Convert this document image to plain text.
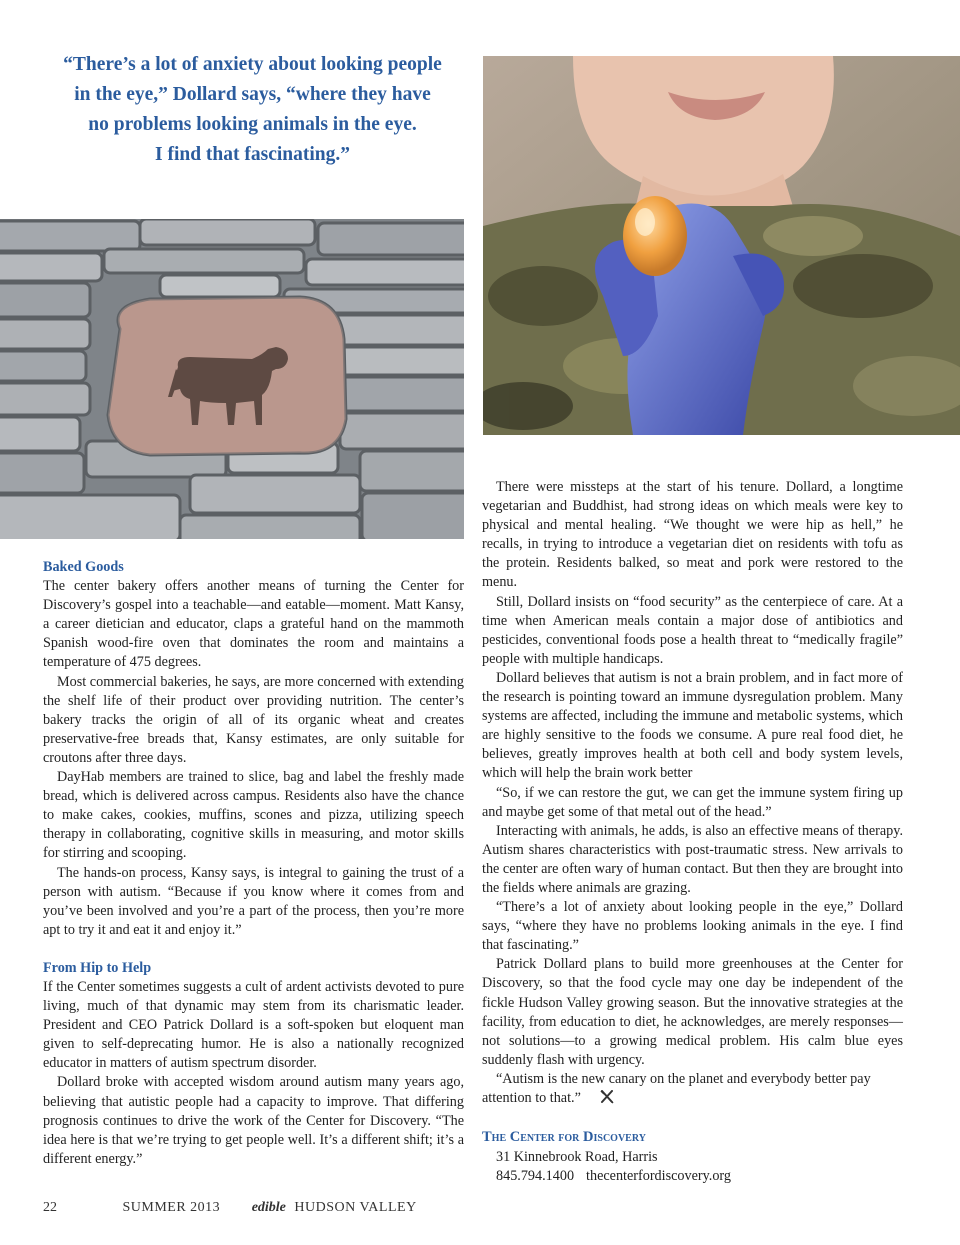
“There’s a lot of anxiety about looking people
in the eye,” Dollard says, “where they have
no problems looking animals in the eye.
I find that fascinating.”
Baked Goods

The center bakery offers another means of turning the Center for Discovery’s gospel into a teachable—and eatable—moment. Matt Kansy, a career dietician and educator, claps a grateful hand on the mammoth Spanish wood-fire oven that dominates the room and maintains a temperature of 475 degrees.

Most commercial bakeries, he says, are more concerned with extending the shelf life of their product over providing nutrition. The center’s bakery tracks the origin of all of its organic wheat and creates preservative-free breads that, Kansy estimates, are only suitable for croutons after three days.

DayHab members are trained to slice, bag and label the freshly made bread, which is delivered across campus. Residents also have the chance to make cakes, cookies, muffins, scones and pizza, utilizing speech therapy in collaborating, cognitive skills in measuring, and motor skills for stirring and scooping.

The hands-on process, Kansy says, is integral to gaining the trust of a person with autism. “Because if you know where it comes from and you’ve been involved and you’re a part of the process, then you’re more apt to try it and eat it and enjoy it.”

From Hip to Help

If the Center sometimes suggests a cult of ardent activists devoted to pure living, much of that dynamic may stem from its charismatic leader. President and CEO Patrick Dollard is a soft-spoken but eloquent man given to self-deprecating humor. He is also a nationally recognized educator in matters of autism spectrum disorder.

Dollard broke with accepted wisdom around autism many years ago, believing that autistic people had a capacity to improve. That differing prognosis continues to drive the work of the Center for Discovery. “The idea here is that we’re trying to get people well. It’s a different shift; it’s a different energy.”

There were missteps at the start of his tenure. Dollard, a longtime vegetarian and Buddhist, had strong ideas on which meals were key to physical and mental healing. “We thought we were hip as hell,” he recalls, in trying to introduce a vegetarian diet on residents with tofu as the protein. Residents balked, so meat and pork were restored to the menu.

Still, Dollard insists on “food security” as the centerpiece of care. At a time when American meals contain a major dose of antibiotics and pesticides, conventional foods pose a health threat to “medically fragile” people with multiple handicaps.

Dollard believes that autism is not a brain problem, and in fact more of the research is pointing toward an immune dysregulation problem. Many systems are affected, including the immune and metabolic systems, which are highly sensitive to the foods we consume. A pure real food diet, he believes, greatly improves health at both cell and body system levels, which will help the brain work better

“So, if we can restore the gut, we can get the immune system firing up and maybe get some of that metal out of the head.”

Interacting with animals, he adds, is also an effective means of therapy. Autism shares characteristics with post-traumatic stress. New arrivals to the center are often wary of human contact. But then they are brought into the fields where animals are grazing.

“There’s a lot of anxiety about looking people in the eye,” Dollard says, “where they have no problems looking animals in the eye. I find that fascinating.”

Patrick Dollard plans to build more greenhouses at the Center for Discovery, so that the food cycle may one day be independent of the fickle Hudson Valley growing season. But the innovative strategies at the facility, from education to diet, he acknowledges, are merely responses—not solutions—to a growing medical problem. His calm blue eyes suddenly flash with urgency.

“Autism is the new canary on the planet and everybody better pay attention to that.”

The Center for Discovery
31 Kinnebrook Road, Harris
845.794.1400 thecenterfordiscovery.org
22	SUMMER 2013 edible HUDSON VALLEY
